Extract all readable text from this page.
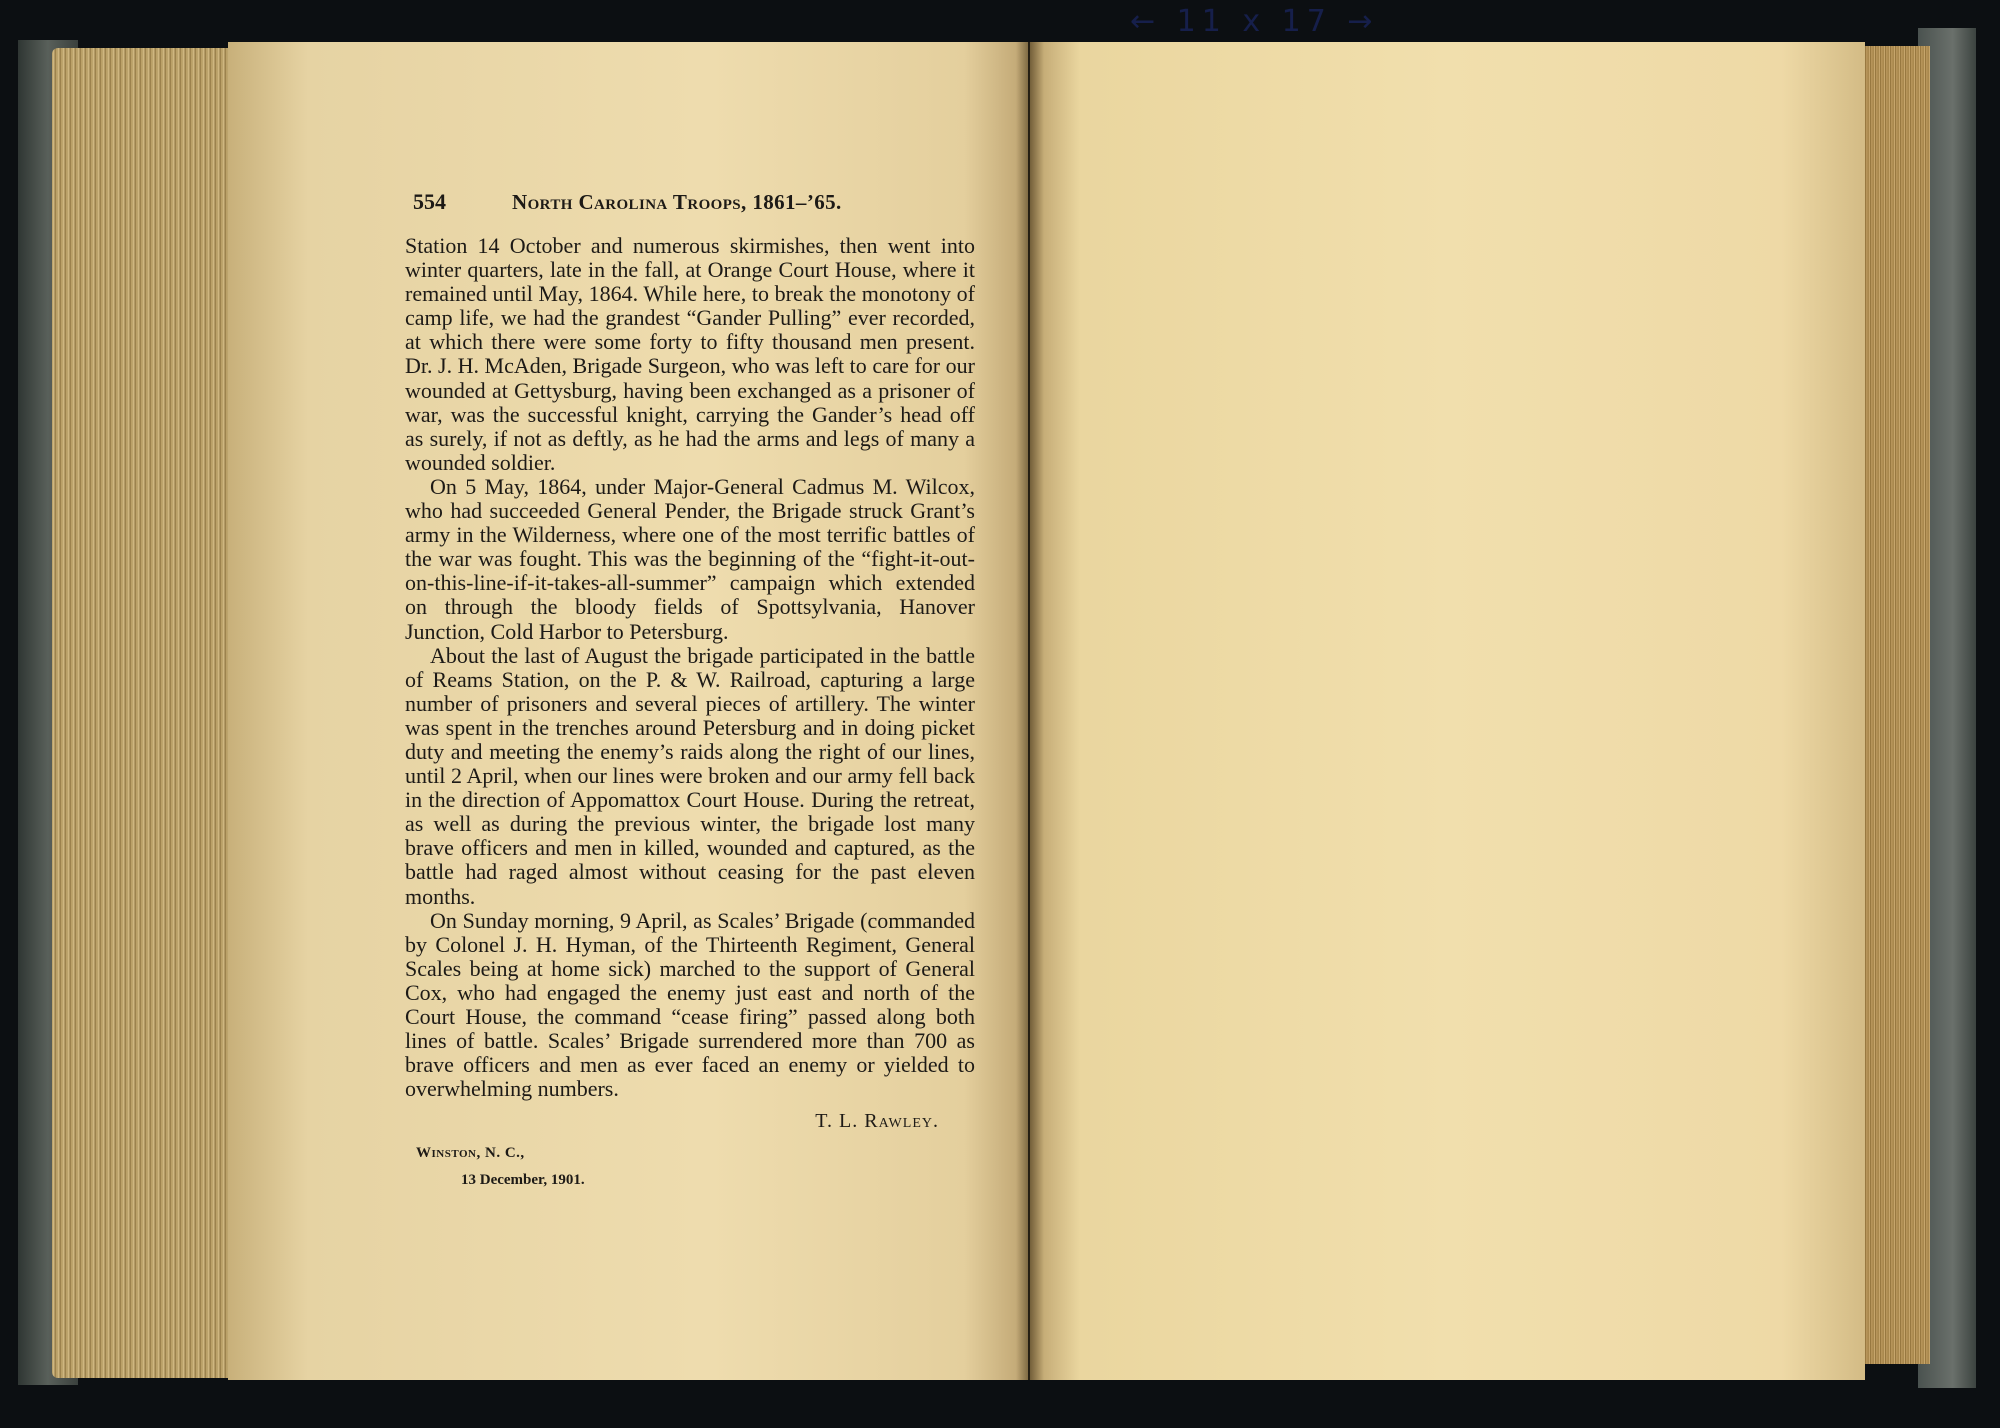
← 11 x 17 →
554	North Carolina Troops, 1861–’65.

Station 14 October and numerous skirmishes, then went into winter quarters, late in the fall, at Orange Court House, where it remained until May, 1864. While here, to break the monotony of camp life, we had the grandest “Gander Pulling” ever recorded, at which there were some forty to fifty thousand men present. Dr. J. H. McAden, Brigade Surgeon, who was left to care for our wounded at Gettysburg, having been exchanged as a prisoner of war, was the successful knight, carrying the Gander’s head off as surely, if not as deftly, as he had the arms and legs of many a wounded soldier.

On 5 May, 1864, under Major-General Cadmus M. Wilcox, who had succeeded General Pender, the Brigade struck Grant’s army in the Wilderness, where one of the most terrific battles of the war was fought. This was the beginning of the “fight-it-out-on-this-line-if-it-takes-all-summer” campaign which extended on through the bloody fields of Spottsylvania, Hanover Junction, Cold Harbor to Petersburg.

About the last of August the brigade participated in the battle of Reams Station, on the P. & W. Railroad, capturing a large number of prisoners and several pieces of artillery. The winter was spent in the trenches around Petersburg and in doing picket duty and meeting the enemy’s raids along the right of our lines, until 2 April, when our lines were broken and our army fell back in the direction of Appomattox Court House. During the retreat, as well as during the previous winter, the brigade lost many brave officers and men in killed, wounded and captured, as the battle had raged almost without ceasing for the past eleven months.

On Sunday morning, 9 April, as Scales’ Brigade (commanded by Colonel J. H. Hyman, of the Thirteenth Regiment, General Scales being at home sick) marched to the support of General Cox, who had engaged the enemy just east and north of the Court House, the command “cease firing” passed along both lines of battle. Scales’ Brigade surrendered more than 700 as brave officers and men as ever faced an enemy or yielded to overwhelming numbers.

T. L. Rawley.
Winston, N. C.,
13 December, 1901.
